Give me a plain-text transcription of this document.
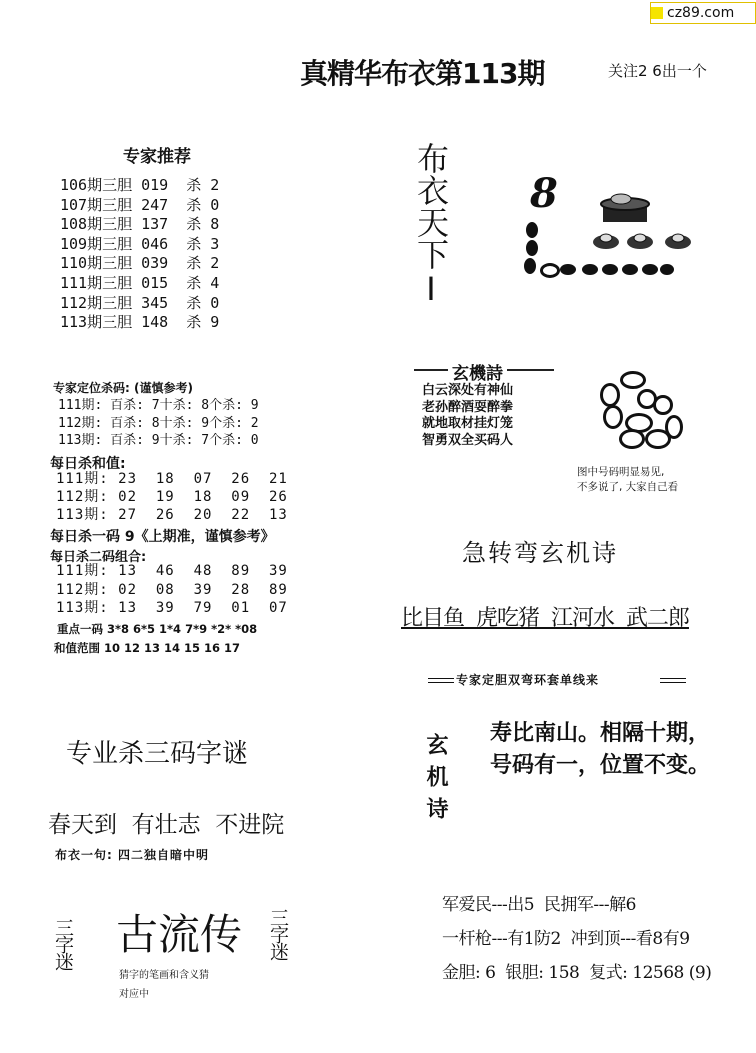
cz89.com
真精华布衣第113期	关注2 6出一个
专家推荐
106期三胆 019  杀 2
107期三胆 247  杀 0
108期三胆 137  杀 8
109期三胆 046  杀 3
110期三胆 039  杀 2
111期三胆 015  杀 4
112期三胆 345  杀 0
113期三胆 148  杀 9
专家定位杀码: (谨慎参考)
111期: 百杀: 7十杀: 8个杀: 9
112期: 百杀: 8十杀: 9个杀: 2
113期: 百杀: 9十杀: 7个杀: 0
每日杀和值:
111期: 23  18  07  26  21
112期: 02  19  18  09  26
113期: 27  26  20  22  13
每日杀一码 9《上期准，谨慎参考》
每日杀二码组合:
111期: 13  46  48  89  39
112期: 02  08  39  28  89
113期: 13  39  79  01  07
重点一码 3*8 6*5 1*4 7*9 *2* *08
和值范围 10 12 13 14 15 16 17
专业杀三码字谜
春天到  有壮志  不进院
布衣一句: 四二独自暗中明
三字迷 古流传
猜字的笔画和含义猜
对应中
三字迷
布衣天下I 8
玄機詩
白云深处有神仙
老孙醉酒耍醉拳
就地取材挂灯笼
智勇双全买码人
图中号码明显易见,
不多说了, 大家自己看
急转弯玄机诗
比目鱼  虎吃猪  江河水  武二郎
专家定胆双弯环套单线来
玄机诗 寿比南山。相隔十期，
号码有一，位置不变。
军爱民---出5  民拥军---解6
一杆枪---有1防2  冲到顶---看8有9
金胆: 6  银胆: 158  复式: 12568 (9)
